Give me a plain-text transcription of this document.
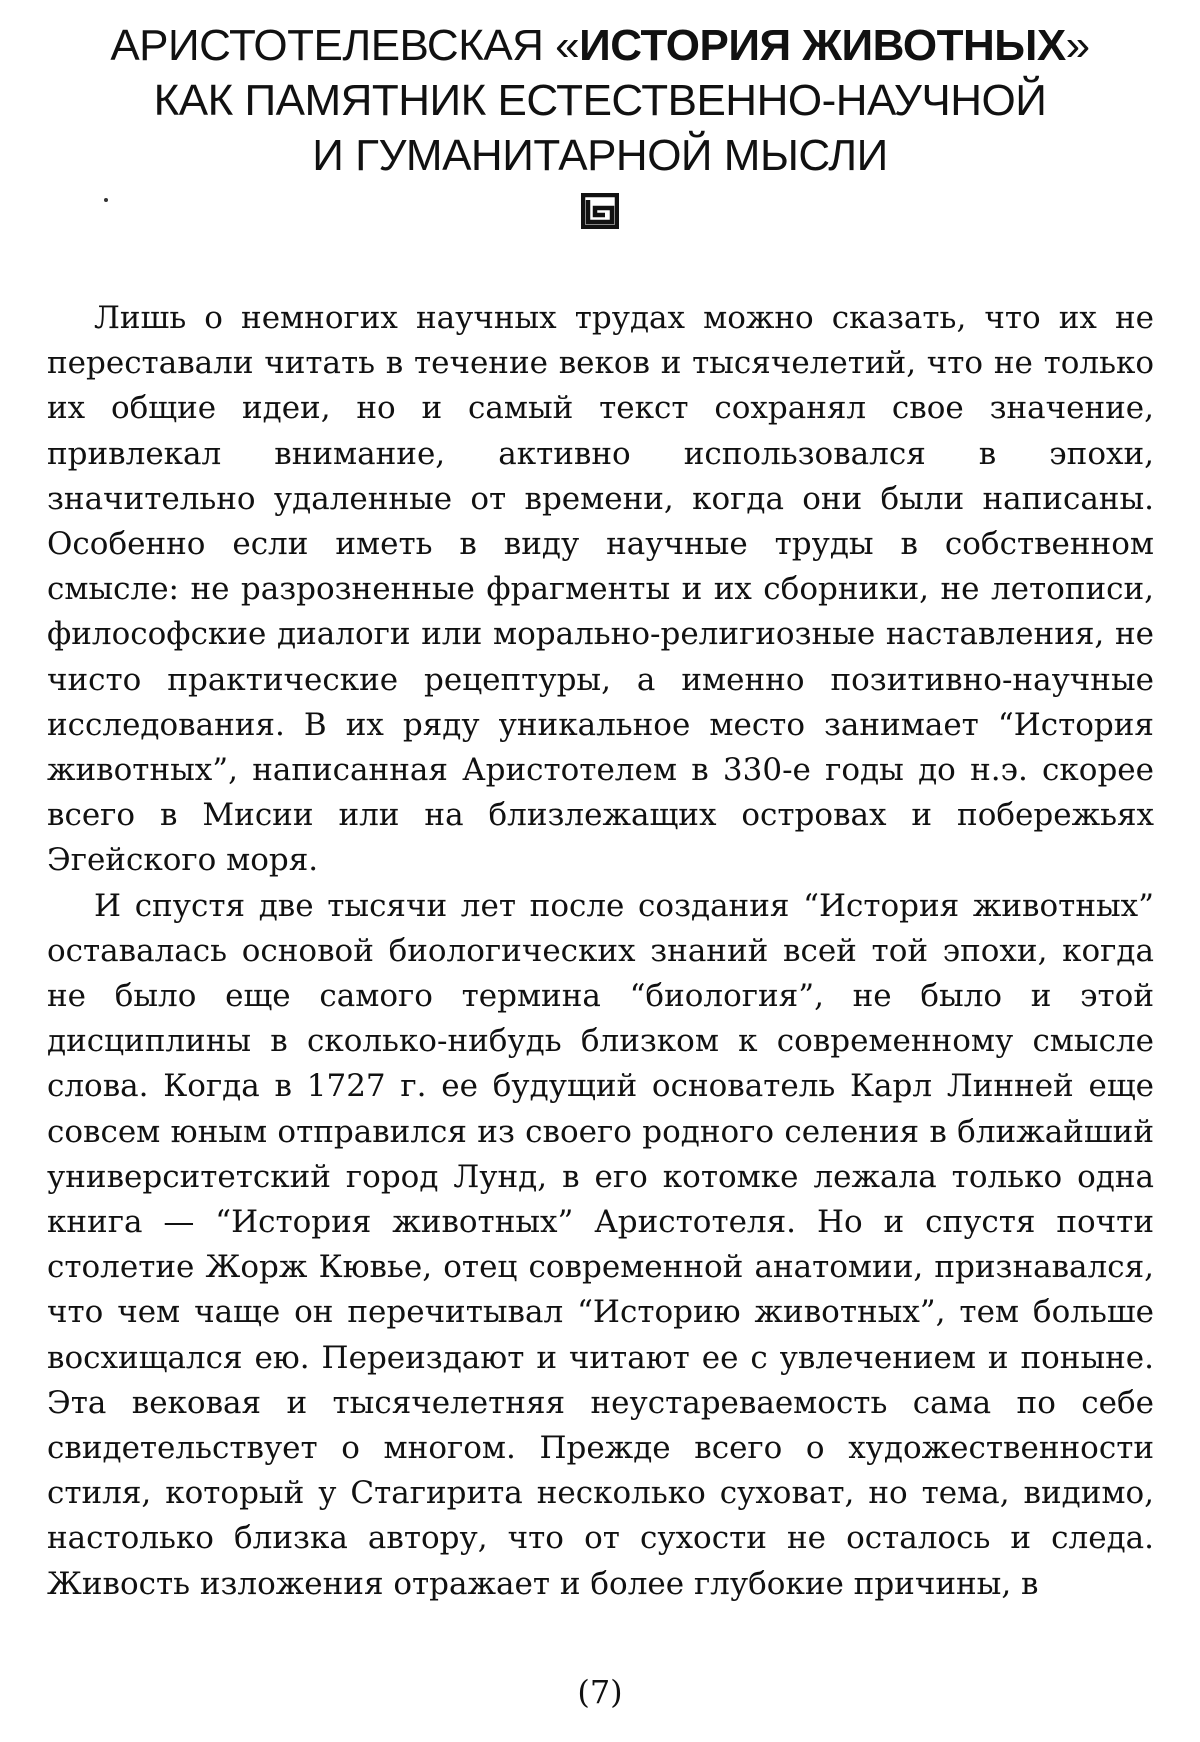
АРИСТОТЕЛЕВСКАЯ «ИСТОРИЯ ЖИВОТНЫХ»
КАК ПАМЯТНИК ЕСТЕСТВЕННО-НАУЧНОЙ
И ГУМАНИТАРНОЙ МЫСЛИ

Лишь о немногих научных трудах можно сказать, что их не переставали читать в течение веков и тысячелетий, что не только их общие идеи, но и самый текст сохранял свое значение, привлекал внимание, активно использовался в эпохи, значительно удаленные от времени, когда они были написаны. Особенно если иметь в виду научные труды в собственном смысле: не разрозненные фрагменты и их сборники, не летописи, философские диалоги или морально-религиозные наставления, не чисто практические рецептуры, а именно позитивно-научные исследования. В их ряду уникальное место занимает “История животных”, написанная Аристотелем в 330-е годы до н.э. скорее всего в Мисии или на близлежащих островах и побережьях Эгейского моря.

И спустя две тысячи лет после создания “История животных” оставалась основой биологических знаний всей той эпохи, когда не было еще самого термина “биология”, не было и этой дисциплины в сколько-нибудь близком к современному смысле слова. Когда в 1727 г. ее будущий основатель Карл Линней еще совсем юным отправился из своего родного селения в ближайший университетский город Лунд, в его котомке лежала только одна книга — “История животных” Аристотеля. Но и спустя почти столетие Жорж Кювье, отец современной анатомии, признавался, что чем чаще он перечитывал “Историю животных”, тем больше восхищался ею. Переиздают и читают ее с увлечением и поныне. Эта вековая и тысячелетняя неустареваемость сама по себе свидетельствует о многом. Прежде всего о художественности стиля, который у Стагирита несколько суховат, но тема, видимо, настолько близка автору, что от сухости не осталось и следа. Живость изложения отражает и более глубокие причины, в

(7)
